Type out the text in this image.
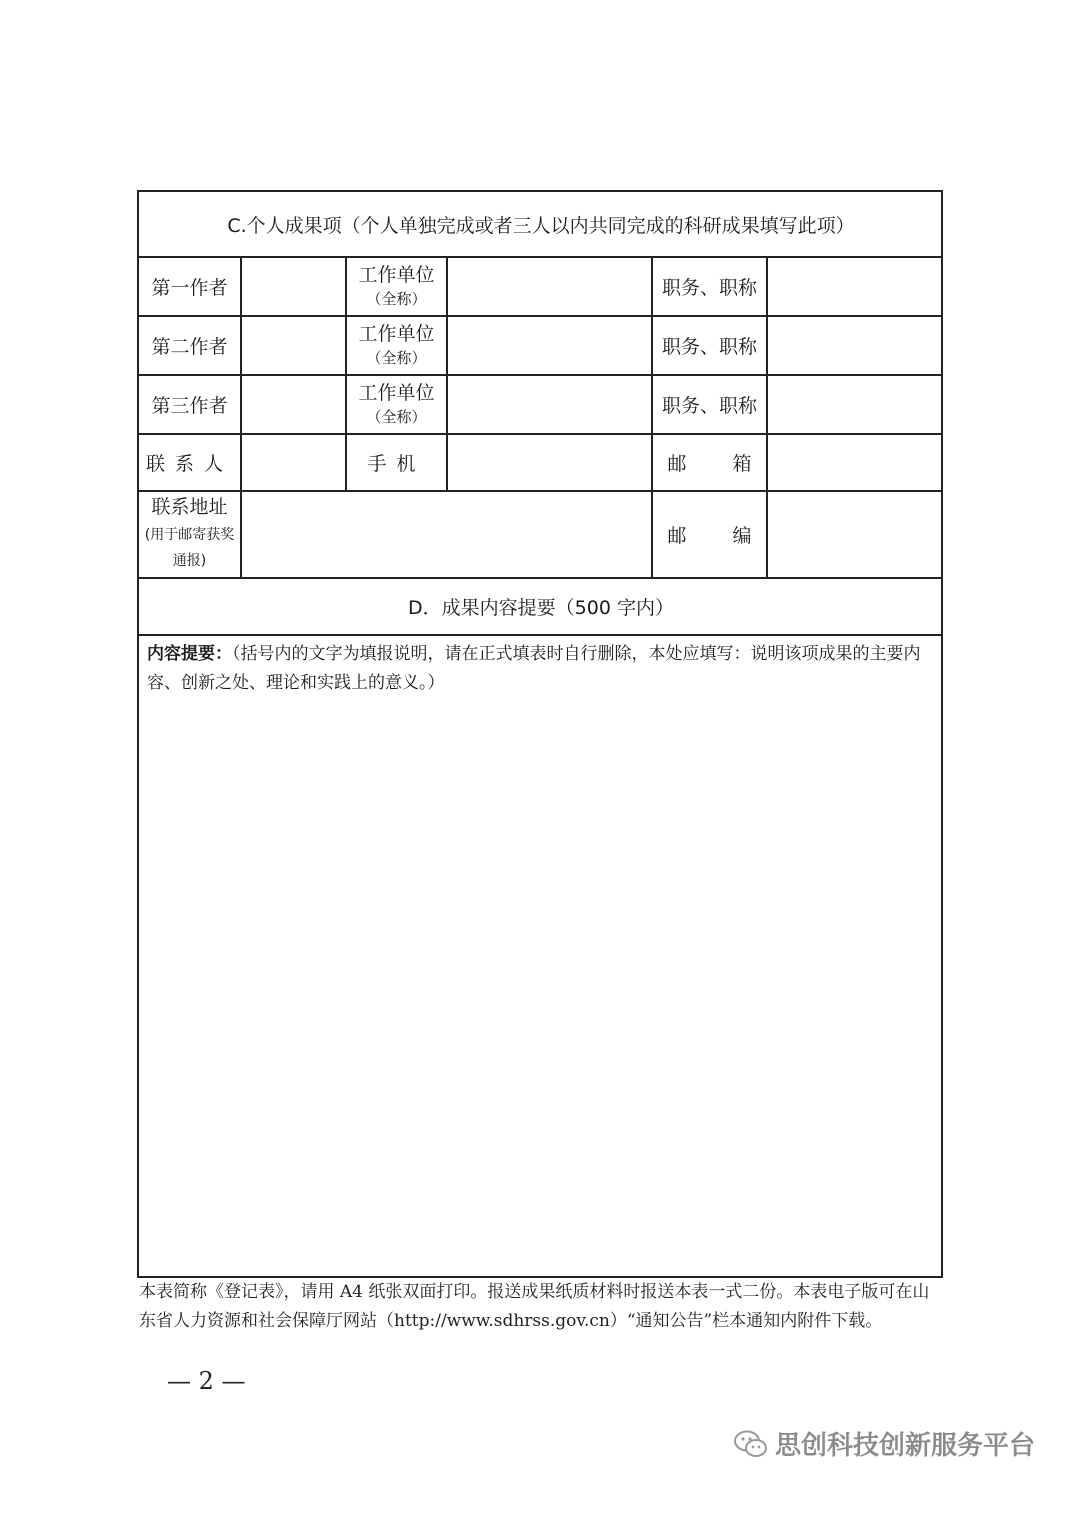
C.个人成果项（个人单独完成或者三人以内共同完成的科研成果填写此项）
第一作者
工作单位
（全称）
职务、职称
第二作者
工作单位
（全称）
职务、职称
第三作者
工作单位
（全称）
职务、职称
联系人	手机	邮 箱
联系地址
(用于邮寄获奖
通报)
邮 编
D．成果内容提要（500 字内）
内容提要：（括号内的文字为填报说明，请在正式填表时自行删除，本处应填写：说明该项成果的主要内容、创新之处、理论和实践上的意义。）
本表简称《登记表》，请用 A4 纸张双面打印。报送成果纸质材料时报送本表一式二份。本表电子版可在山东省人力资源和社会保障厅网站（http://www.sdhrss.gov.cn）“通知公告”栏本通知内附件下载。
— 2 —
思创科技创新服务平台
